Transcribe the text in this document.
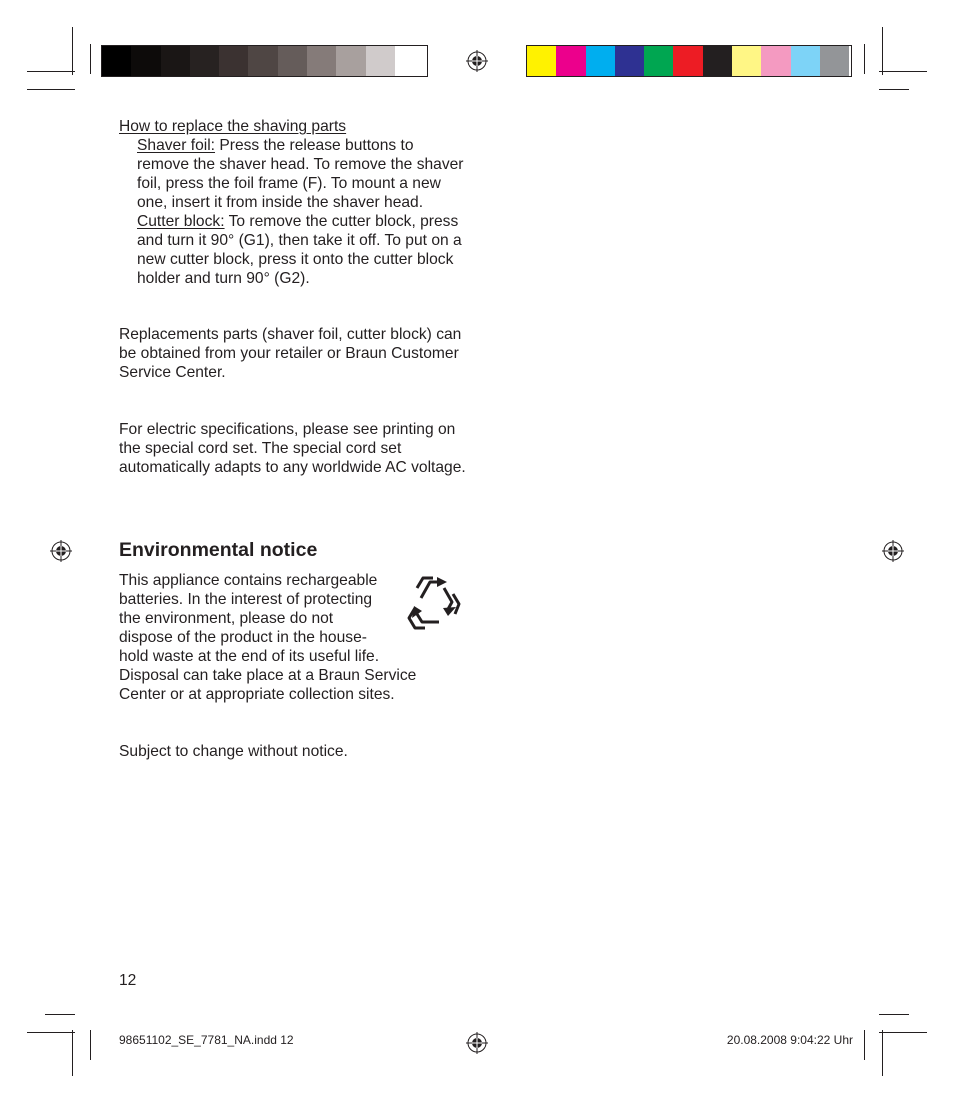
How to replace the shaving parts

Shaver foil: Press the release buttons to remove the shaver head. To remove the shaver foil, press the foil frame (F). To mount a new one, insert it from inside the shaver head.

Cutter block: To remove the cutter block, press and turn it 90° (G1), then take it off. To put on a new cutter block, press it onto the cutter block holder and turn 90° (G2).

Replacements parts (shaver foil, cutter block) can be obtained from your retailer or Braun Customer Service Center.
For electric specifications, please see printing on the special cord set. The special cord set automatically adapts to any worldwide AC voltage.
Environmental notice

This appliance contains rechargeable

batteries. In the interest of protecting

the environment, please do not

dispose of the product in the house-

hold waste at the end of its useful life.

Disposal can take place at a Braun Service

Center or at appropriate collection sites.

Subject to change without notice.
12
98651102_SE_7781_NA.indd 12	20.08.2008 9:04:22 Uhr
